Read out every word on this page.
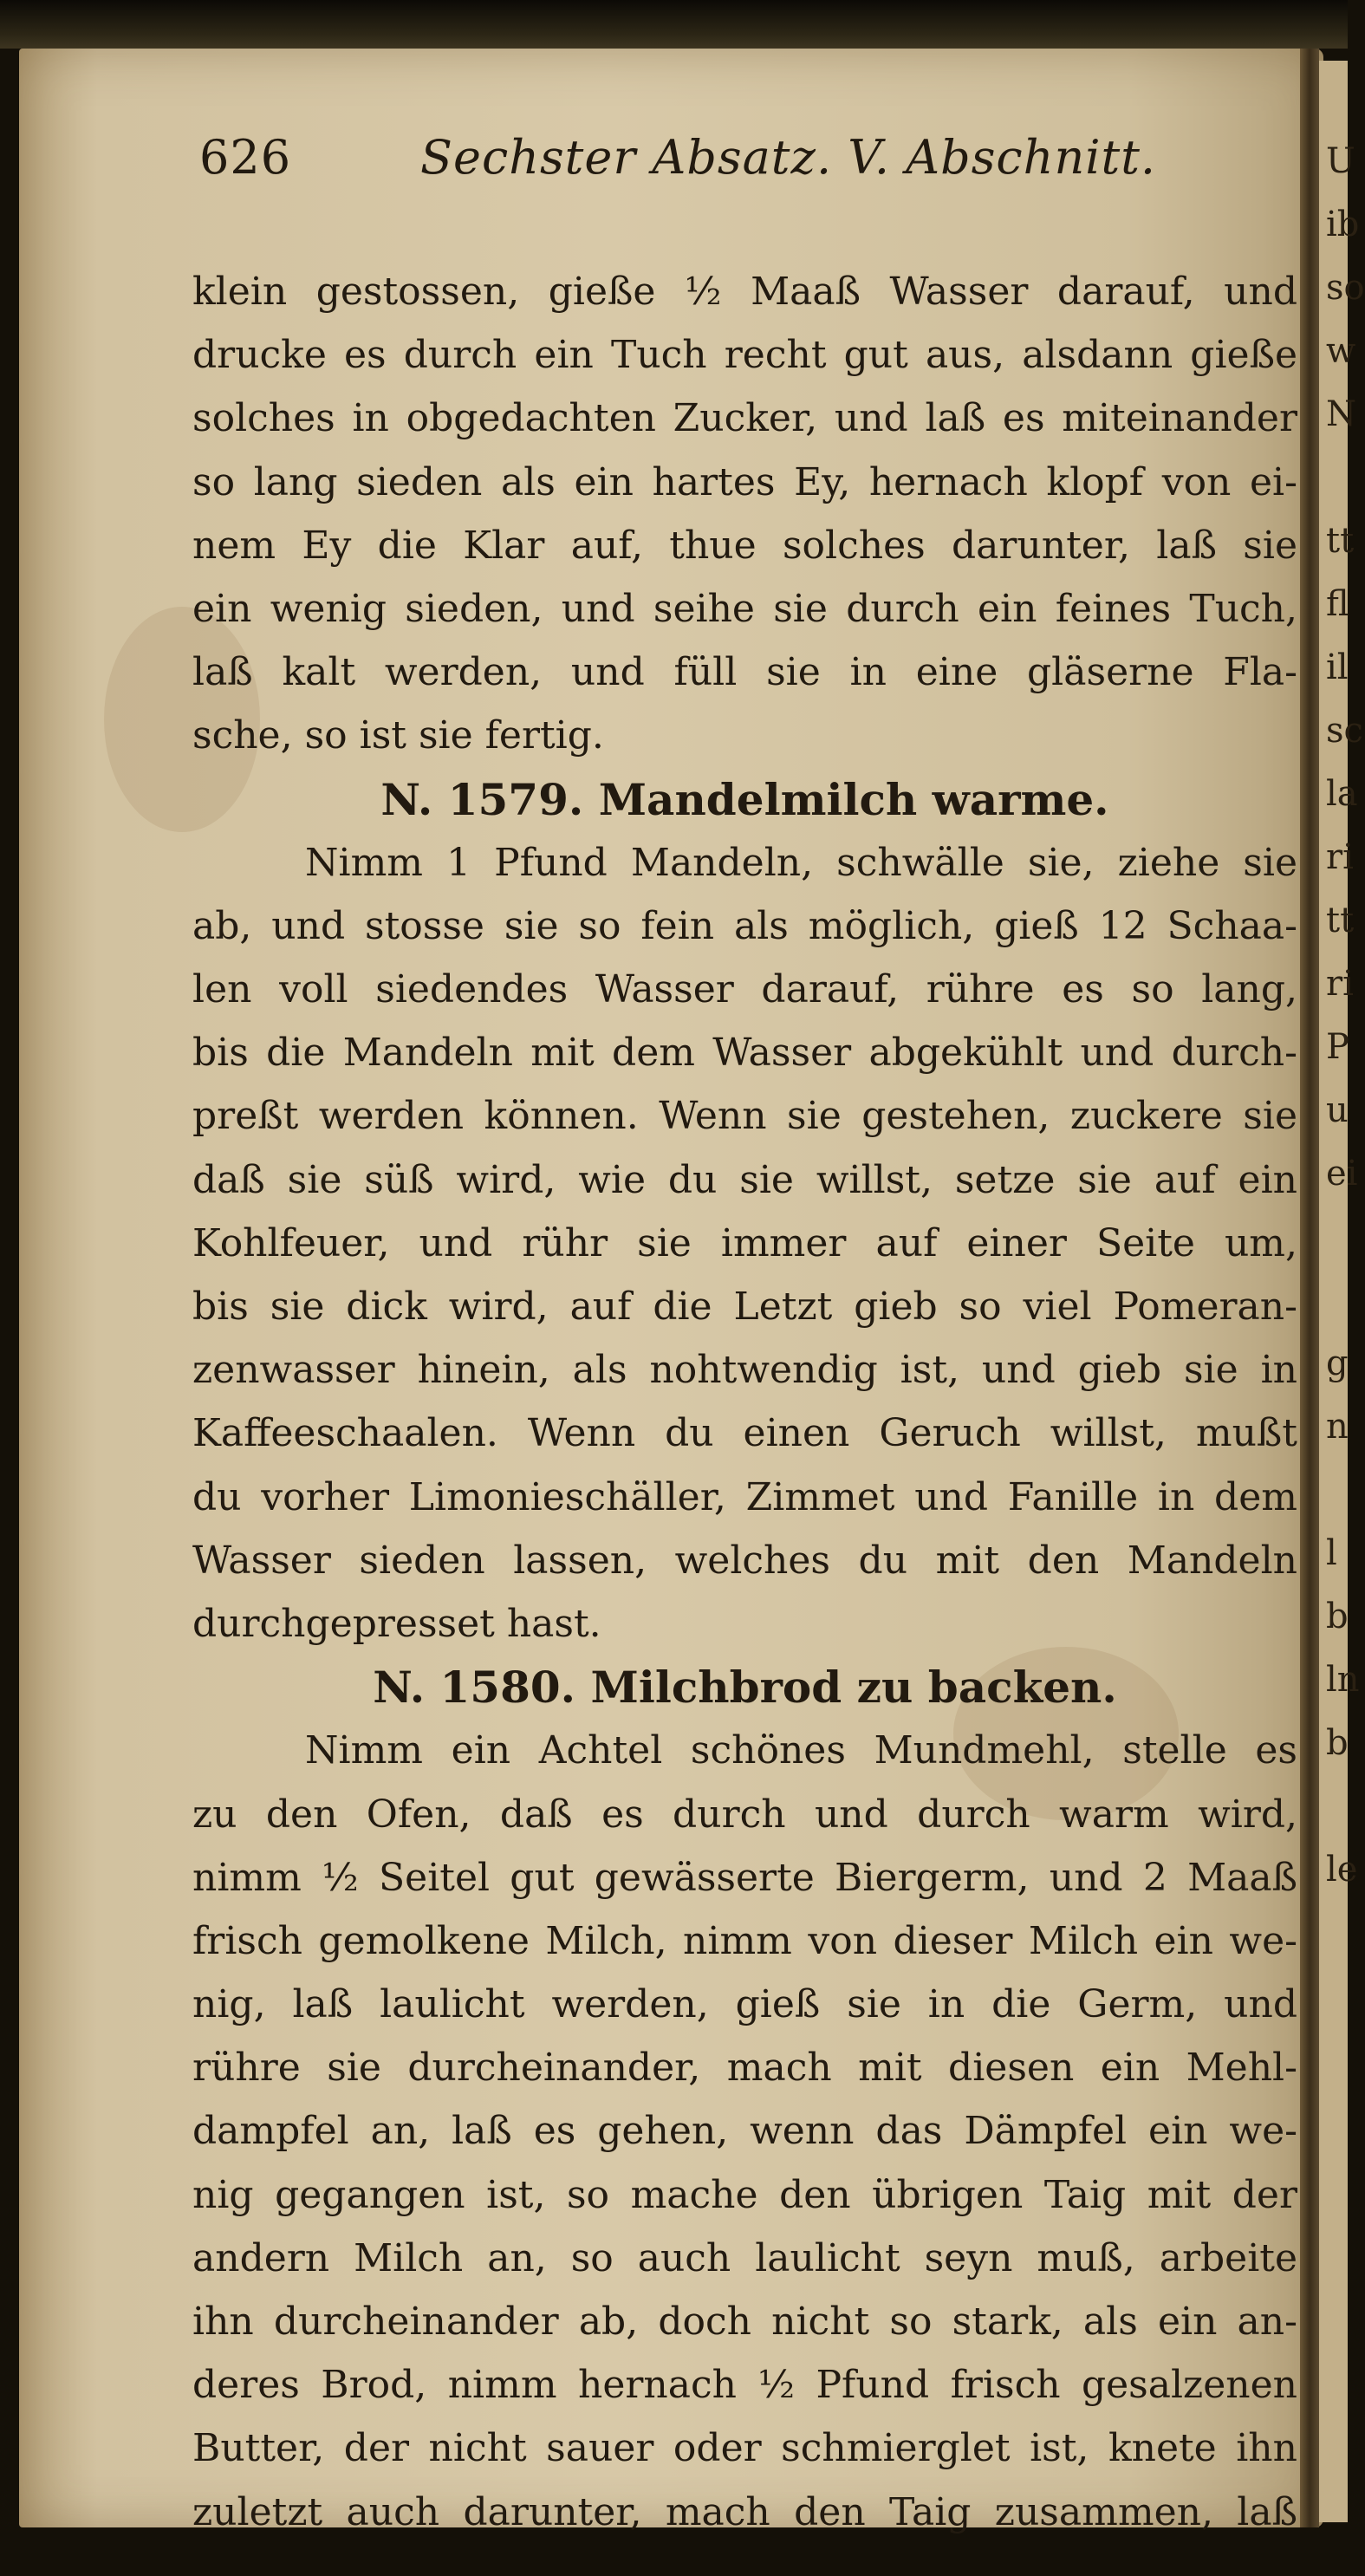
626	Sechster Absatz. V. Abschnitt.
klein gestossen, gieße ½ Maaß Wasser darauf, und
drucke es durch ein Tuch recht gut aus, alsdann gieße
solches in obgedachten Zucker, und laß es miteinander
so lang sieden als ein hartes Ey, hernach klopf von ei-
nem Ey die Klar auf, thue solches darunter, laß sie
ein wenig sieden, und seihe sie durch ein feines Tuch,
laß kalt werden, und füll sie in eine gläserne Fla-
sche, so ist sie fertig.
N. 1579. Mandelmilch warme.
Nimm 1 Pfund Mandeln, schwälle sie, ziehe sie
ab, und stosse sie so fein als möglich, gieß 12 Schaa-
len voll siedendes Wasser darauf, rühre es so lang,
bis die Mandeln mit dem Wasser abgekühlt und durch-
preßt werden können. Wenn sie gestehen, zuckere sie
daß sie süß wird, wie du sie willst, setze sie auf ein
Kohlfeuer, und rühr sie immer auf einer Seite um,
bis sie dick wird, auf die Letzt gieb so viel Pomeran-
zenwasser hinein, als nohtwendig ist, und gieb sie in
Kaffeeschaalen. Wenn du einen Geruch willst, mußt
du vorher Limonieschäller, Zimmet und Fanille in dem
Wasser sieden lassen, welches du mit den Mandeln
durchgepresset hast.
N. 1580. Milchbrod zu backen.
Nimm ein Achtel schönes Mundmehl, stelle es
zu den Ofen, daß es durch und durch warm wird,
nimm ½ Seitel gut gewässerte Biergerm, und 2 Maaß
frisch gemolkene Milch, nimm von dieser Milch ein we-
nig, laß laulicht werden, gieß sie in die Germ, und
rühre sie durcheinander, mach mit diesen ein Mehl-
dampfel an, laß es gehen, wenn das Dämpfel ein we-
nig gegangen ist, so mache den übrigen Taig mit der
andern Milch an, so auch laulicht seyn muß, arbeite
ihn durcheinander ab, doch nicht so stark, als ein an-
deres Brod, nimm hernach ½ Pfund frisch gesalzenen
Butter, der nicht sauer oder schmierglet ist, knete ihn
zuletzt auch darunter, mach den Taig zusammen, laß
U
ib
so
w
N
tt
fl
il
sc
la
ri
tt
ri
P
u
ei
g
n
l
b
ln
b
le
